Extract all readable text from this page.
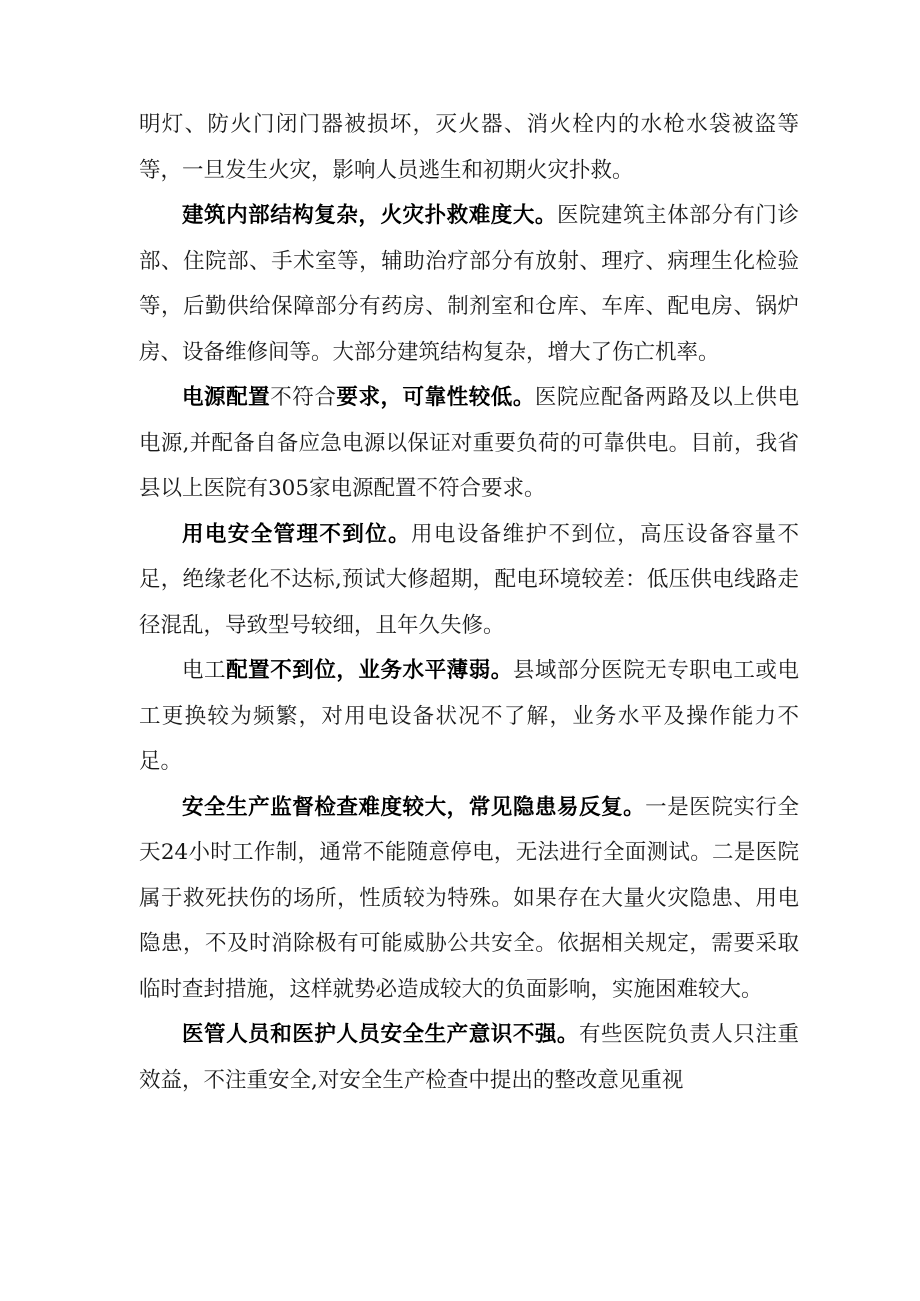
明灯、防火门闭门器被损坏，灭火器、消火栓内的水枪水袋被盗等等，一旦发生火灾，影响人员逃生和初期火灾扑救。

建筑内部结构复杂，火灾扑救难度大。医院建筑主体部分有门诊部、住院部、手术室等，辅助治疗部分有放射、理疗、病理生化检验等，后勤供给保障部分有药房、制剂室和仓库、车库、配电房、锅炉房、设备维修间等。大部分建筑结构复杂，增大了伤亡机率。

电源配置不符合要求，可靠性较低。医院应配备两路及以上供电电源,并配备自备应急电源以保证对重要负荷的可靠供电。目前，我省县以上医院有305家电源配置不符合要求。

用电安全管理不到位。用电设备维护不到位，高压设备容量不足，绝缘老化不达标,预试大修超期，配电环境较差：低压供电线路走径混乱，导致型号较细，且年久失修。

电工配置不到位，业务水平薄弱。县域部分医院无专职电工或电工更换较为频繁，对用电设备状况不了解，业务水平及操作能力不足。

安全生产监督检查难度较大，常见隐患易反复。一是医院实行全天24小时工作制，通常不能随意停电，无法进行全面测试。二是医院属于救死扶伤的场所，性质较为特殊。如果存在大量火灾隐患、用电隐患，不及时消除极有可能威胁公共安全。依据相关规定，需要采取临时查封措施，这样就势必造成较大的负面影响，实施困难较大。

医管人员和医护人员安全生产意识不强。有些医院负责人只注重效益，不注重安全,对安全生产检查中提出的整改意见重视
